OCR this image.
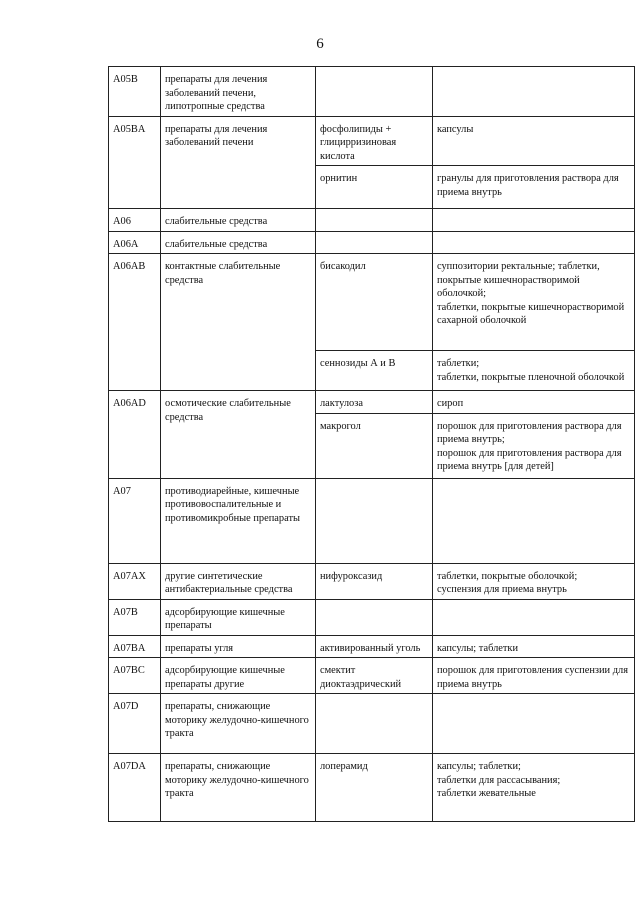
6
A05B	препараты для лечения заболеваний печени, липотропные средства		
A05BA	препараты для лечения заболеваний печени	фосфолипиды + глицирризиновая кислота	капсулы
		орнитин	гранулы для приготовления раствора для приема внутрь
A06	слабительные средства		
A06A	слабительные средства		
A06AB	контактные слабительные средства	бисакодил	суппозитории ректальные; таблетки, покрытые кишечнорастворимой оболочкой;
таблетки, покрытые кишечнорастворимой сахарной оболочкой
		сеннозиды А и В	таблетки;
таблетки, покрытые пленочной оболочкой
A06AD	осмотические слабительные средства	лактулоза	сироп
		макрогол	порошок для приготовления раствора для приема внутрь;
порошок для приготовления раствора для приема внутрь [для детей]
A07	противодиарейные, кишечные противовоспалительные и противомикробные препараты		
A07AX	другие синтетические антибактериальные средства	нифуроксазид	таблетки, покрытые оболочкой;
суспензия для приема внутрь
A07B	адсорбирующие кишечные препараты		
A07BA	препараты угля	активированный уголь	капсулы; таблетки
A07BC	адсорбирующие кишечные препараты другие	смектит диоктаэдрический	порошок для приготовления суспензии для приема внутрь
A07D	препараты, снижающие моторику желудочно-кишечного тракта		
A07DA	препараты, снижающие моторику желудочно-кишечного тракта	лоперамид	капсулы; таблетки;
таблетки для рассасывания;
таблетки жевательные
